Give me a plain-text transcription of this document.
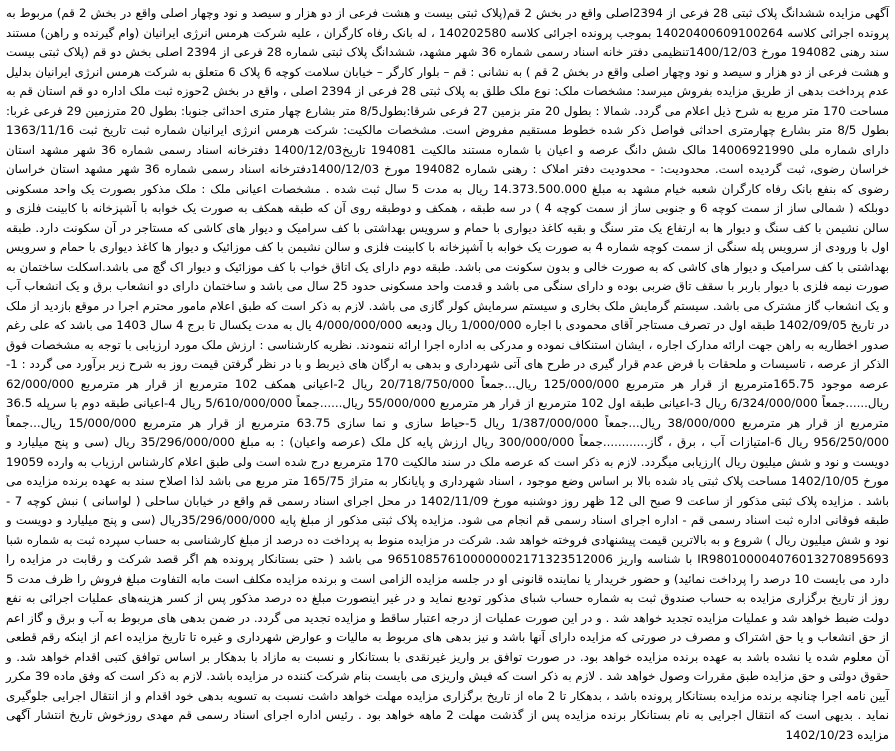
آگهی مزایده ششدانگ پلاک ثبتی 28 فرعی از 2394اصلی واقع در بخش 2 قم(پلاک ثبتی بیست و هشت فرعی از دو هزار و سیصد و نود وچهار اصلی واقع در بخش 2 قم) مربوط به پرونده اجرائی کلاسه 14020400609100264 بموجب پرونده اجرائی کلاسه 140202580 ، له بانک رفاه کارگران ، علیه شرکت هرمس انرژی ایرانیان (وام گیرنده و راهن) مستند سند رهنی 194082 مورخ 1400/12/03تنظیمی دفتر خانه اسناد رسمی شماره 36 شهر مشهد، ششدانگ پلاک ثبتی شماره 28 فرعی از 2394 اصلی بخش دو قم (پلاک ثبتی بیست و هشت فرعی از دو هزار و سیصد و نود وچهار اصلی واقع در بخش 2 قم ) به نشانی : قم – بلوار کارگر – خیابان سلامت کوچه 6 پلاک 6 متعلق به شرکت هرمس انرژی ایرانیان بدلیل عدم پرداخت بدهی از طریق مزایده بفروش میرسد: مشخصات ملک: نوع ملک طلق به پلاک ثبتی 28 فرعی از 2394 اصلی ، واقع در بخش 2حوزه ثبت ملک اداره دو قم استان قم به مساحت 170 متر مربع به شرح ذیل اعلام می گردد. شمالا : بطول 20 متر بزمین 27 فرعی شرقا:بطول8/5 متر بشارع چهار متری احداثی جنوبا: بطول 20 مترزمین 29 فرعی غربا: بطول 8/5 متر بشارع چهارمتری احداثی فواصل ذکر شده خطوط مستقیم مفروض است. مشخصات مالکیت: شرکت هرمس انرژی ایرانیان شماره ثبت تاریخ ثبت 1363/11/16 دارای شماره ملی 14006921990 مالک شش دانگ عرصه و اعیان با شماره مستند مالکیت 194081 تاریخ1400/12/03 دفترخانه اسناد رسمی شماره 36 شهر مشهد استان خراسان رضوی، ثبت گردیده است. محدودیت: - محدودیت دفتر املاک : رهنی شماره 194082 مورخ 1400/12/03دفترخانه اسناد رسمی شماره 36 شهر مشهد استان خراسان رضوی که بنفع بانک رفاه کارگران شعبه خیام مشهد به مبلغ 14.373.500.000 ریال به مدت 5 سال ثبت شده . مشخصات اعیانی ملک : ملک مذکور بصورت یک واحد مسکونی دوبلکه ( شمالی ساز از سمت کوچه 6 و جنوبی ساز از سمت کوچه 4 ) در سه طبقه ، همکف و دوطبقه روی آن که طبقه همکف به صورت یک خوابه با آشپزخانه با کابینت فلزی و سالن نشیمن با کف سنگ و دیوار ها به ارتفاع یک متر سنگ و بقیه کاغذ دیواری با حمام و سرویس بهداشتی با کف سرامیک و دیوار های کاشی که مستاجر در آن سکونت دارد. طبقه اول با ورودی از سرویس پله سنگی از سمت کوچه شماره 4 به صورت یک خوابه با آشپزخانه با کابینت فلزی و سالن نشیمن با کف موزائیک و دیوار ها کاغذ دیواری با حمام و سرویس بهداشتی با کف سرامیک و دیوار های کاشی که به صورت خالی و بدون سکونت می باشد. طبقه دوم دارای یک اتاق خواب با کف موزائیک و دیوار اک گچ می باشد.اسکلت ساختمان به صورت نیمه فلزی با دیوار باربر با سقف تاق ضربی بوده و دارای سنگی می باشد و قدمت واحد مسکونی حدود 25 سال می باشد و ساختمان دارای دو انشعاب برق و یک انشعاب آب و یک انشعاب گاز مشترک می باشد. سیستم گرمایش ملک بخاری و سیستم سرمایش کولر گازی می باشد. لازم به ذکر است که طبق اعلام مامور محترم اجرا در موقع بازدید از ملک در تاریخ 1402/09/05 طبقه اول در تصرف مستاجر آقای محمودی با اجاره 1/000/000 ریال ودیعه 4/000/000/000 یال به مدت یکسال تا برج 4 سال 1403 می باشد که علی رغم صدور اخطاریه به راهن جهت ارائه مدارک اجاره ، ایشان استنکاف نموده و مدرکی به اداره اجرا ارائه ننمودند. نظریه کارشناسی : ارزش ملک مورد ارزیابی با توجه به مشخصات فوق الذکر از عرصه ، تاسیسات و ملحقات با فرض عدم قرار گیری در طرح های آتی شهرداری و بدهی به ارگان های ذیربط و با در نظر گرفتن قیمت روز به شرح زیر برآورد می گردد : 1-عرصه موجود 165.75مترمربع از قرار هر مترمربع 125/000/000 ریال...جمعاً 20/718/750/000 ریال 2-اعیانی همکف 102 مترمربع از قرار هر مترمربع 62/000/000 ریال......جمعاً 6/324/000/000 ریال 3-اعیانی طبقه اول 102 مترمربع از قرار هر مترمربع 55/000/000 ریال......جمعاً 5/610/000/000 ریال 4-اعیانی طبقه دوم با سرپله 36.5 مترمربع از قرار هر مترمربع 38/000/000 ریال...جمعاً 1/387/000/000 ریال 5-حیاط سازی و نما سازی 63.75 مترمربع از قرار هر مترمربع 15/000/000 ریال...جمعاً 956/250/000 ریال 6-امتیازات آب ، برق ، گاز............جمعاً 300/000/000 ریال ارزش پایه کل ملک (عرصه واعیان) : به مبلغ 35/296/000/000 ریال (سی و پنج میلیارد و دویست و نود و شش میلیون ریال )ارزیابی میگردد. لازم به ذکر است که عرصه ملک در سند مالکیت 170 مترمربع درج شده است ولی طبق اعلام کارشناس ارزیاب به وارده 19059 مورخ 1402/10/05 مساحت پلاک ثبتی یاد شده بالا بر اساس وضع موجود ، اسناد شهرداری و پایانکار به متراژ 165/75 متر مربع می باشد لذا اصلاح سند به عهده برنده مزایده می باشد . مزایده پلاک ثبتی مذکور از ساعت 9 صبح الی 12 ظهر روز دوشنبه مورخ 1402/11/09 در محل اجرای اسناد رسمی قم واقع در خیابان ساحلی ( لواسانی ) نبش کوچه 7 - طبقه فوقانی اداره ثبت اسناد رسمی قم - اداره اجرای اسناد رسمی قم انجام می شود. مزایده پلاک ثبتی مذکور از مبلغ پایه 35/296/000/000ریال (سی و پنج میلیارد و دویست و نود و شش میلیون ریال ) شروع و به بالاترین قیمت پیشنهادی فروخته خواهد شد. شرکت در مزایده منوط به پرداخت ده درصد از مبلغ کارشناسی به حساب سپرده ثبت به شماره شبا IR980100004076013270895693 با شناسه واریز 965108576100000002171323512006 می باشد ( حتی بستانکار پرونده هم اگر قصد شرکت و رقابت در مزایده را دارد می بایست 10 درصد را پرداخت نمائید) و حضور خریدار یا نماینده قانونی او در جلسه مزایده الزامی است و برنده مزایده مکلف است مابه التفاوت مبلغ فروش را ظرف مدت 5 روز از تاریخ برگزاری مزایده به حساب صندوق ثبت به شماره حساب شبای مذکور تودیع نماید و در غیر اینصورت مبلغ ده درصد مذکور پس از کسر هزینه‌های عملیات اجرائی به نفع دولت ضبط خواهد شد و عملیات مزایده تجدید خواهد شد . و در این صورت عملیات از درجه اعتبار ساقط و مزایده تجدید می گردد. در ضمن بدهی های مربوط به آب و برق و گاز اعم از حق انشعاب و یا حق اشتراک و مصرف در صورتی که مزایده دارای آنها باشد و نیز بدهی های مربوط به ماليات و عوارض شهرداری و غیره تا تاریخ مزایده اعم از اینکه رقم قطعی آن معلوم شده یا نشده باشد به عهده برنده مزایده خواهد بود. در صورت توافق بر واریز غیرنقدی با بستانکار و نسبت به مازاد با بدهکار بر اساس توافق کتبی اقدام خواهد شد. و حقوق دولتی و حق مزایده طبق مقررات وصول خواهد شد . لازم به ذکر است که فیش واریزی می بایست بنام شرکت کننده در مزایده باشد. لازم به ذکر است که وفق ماده 39 مکرر آیین نامه اجرا چنانچه برنده مزایده بستانکار پرونده باشد ، بدهکار تا 2 ماه از تاریخ برگزاری مزایده مهلت خواهد داشت نسبت به تسویه بدهی خود اقدام و از انتقال اجرایی جلوگیری نماید . بدیهی است که انتقال اجرایی به نام بستانکار برنده مزایده پس از گذشت مهلت 2 ماهه خواهد بود . رئیس اداره اجرای اسناد رسمی قم مهدی روزخوش تاریخ انتشار آگهی مزایده 1402/10/23
